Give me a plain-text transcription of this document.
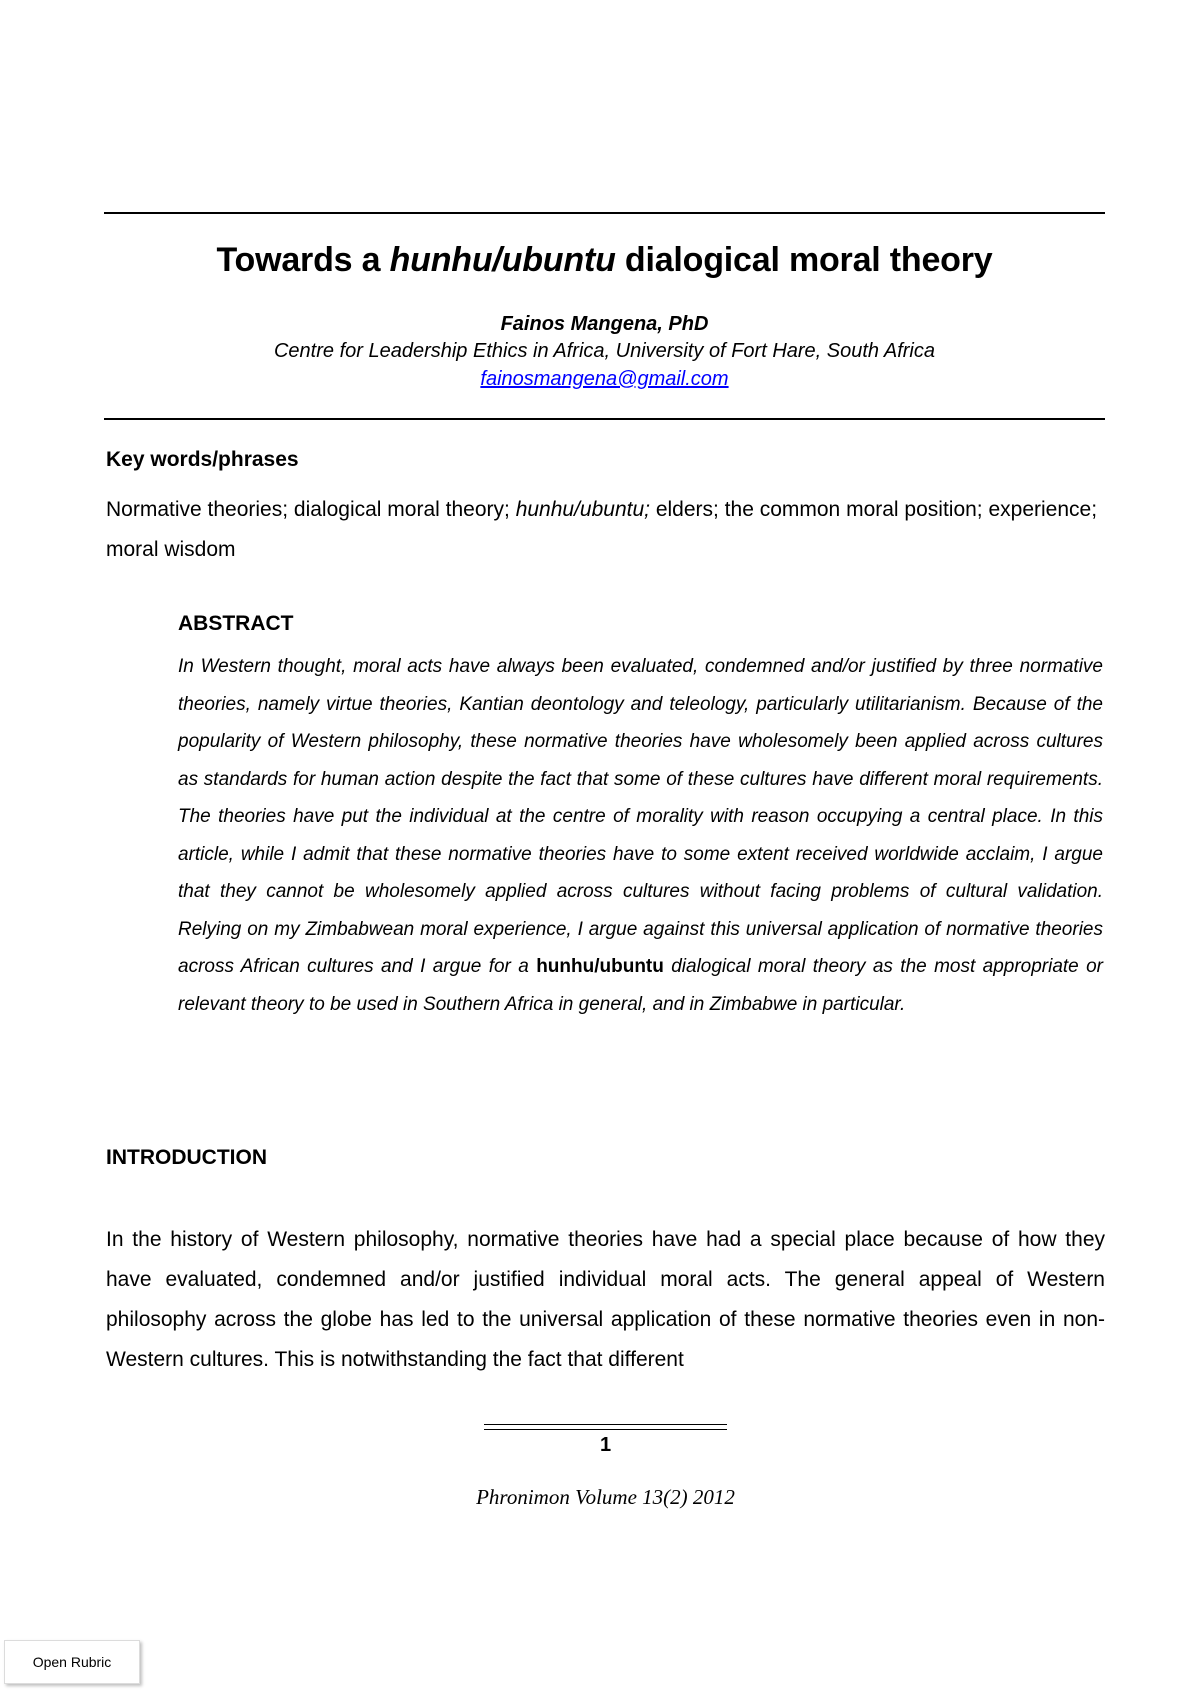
Towards a hunhu/ubuntu dialogical moral theory
Fainos Mangena, PhD
Centre for Leadership Ethics in Africa, University of Fort Hare, South Africa
fainosmangena@gmail.com
Key words/phrases
Normative theories; dialogical moral theory; hunhu/ubuntu; elders; the common moral position; experience; moral wisdom
ABSTRACT
In Western thought, moral acts have always been evaluated, condemned and/or justified by three normative theories, namely virtue theories, Kantian deontology and teleology, particularly utilitarianism. Because of the popularity of Western philosophy, these normative theories have wholesomely been applied across cultures as standards for human action despite the fact that some of these cultures have different moral requirements. The theories have put the individual at the centre of morality with reason occupying a central place. In this article, while I admit that these normative theories have to some extent received worldwide acclaim, I argue that they cannot be wholesomely applied across cultures without facing problems of cultural validation. Relying on my Zimbabwean moral experience, I argue against this universal application of normative theories across African cultures and I argue for a hunhu/ubuntu dialogical moral theory as the most appropriate or relevant theory to be used in Southern Africa in general, and in Zimbabwe in particular.
INTRODUCTION
In the history of Western philosophy, normative theories have had a special place because of how they have evaluated, condemned and/or justified individual moral acts. The general appeal of Western philosophy across the globe has led to the universal application of these normative theories even in non-Western cultures. This is notwithstanding the fact that different
1
Phronimon Volume 13(2) 2012
Open Rubric
